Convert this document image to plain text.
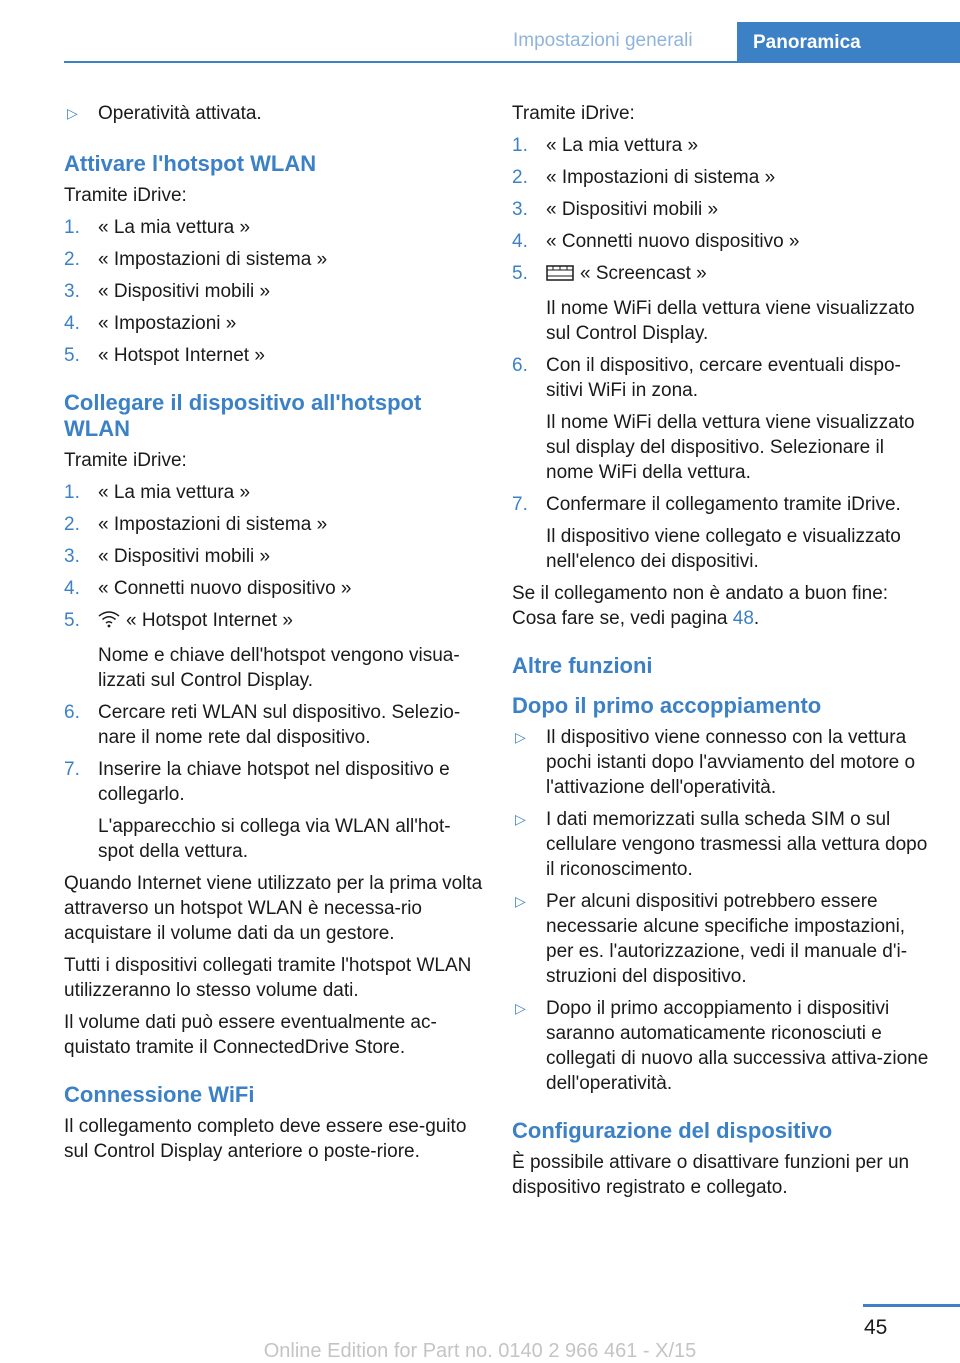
Impostazioni generali	Panoramica
▷ Operatività attivata.
Attivare l'hotspot WLAN
Tramite iDrive:
1. « La mia vettura »
2. « Impostazioni di sistema »
3. « Dispositivi mobili »
4. « Impostazioni »
5. « Hotspot Internet »
Collegare il dispositivo all'hotspot WLAN
Tramite iDrive:
1. « La mia vettura »
2. « Impostazioni di sistema »
3. « Dispositivi mobili »
4. « Connetti nuovo dispositivo »
5. « Hotspot Internet »
Nome e chiave dell'hotspot vengono visua-lizzati sul Control Display.
6. Cercare reti WLAN sul dispositivo. Selezio-nare il nome rete dal dispositivo.
7. Inserire la chiave hotspot nel dispositivo e collegarlo.
L'apparecchio si collega via WLAN all'hot-spot della vettura.
Quando Internet viene utilizzato per la prima volta attraverso un hotspot WLAN è necessa-rio acquistare il volume dati da un gestore.
Tutti i dispositivi collegati tramite l'hotspot WLAN utilizzeranno lo stesso volume dati.
Il volume dati può essere eventualmente ac-quistato tramite il ConnectedDrive Store.
Connessione WiFi
Il collegamento completo deve essere ese-guito sul Control Display anteriore o poste-riore.
Tramite iDrive:
1. « La mia vettura »
2. « Impostazioni di sistema »
3. « Dispositivi mobili »
4. « Connetti nuovo dispositivo »
5.	« Screencast »
Il nome WiFi della vettura viene visualizzato sul Control Display.
6. Con il dispositivo, cercare eventuali dispo-sitivi WiFi in zona.
Il nome WiFi della vettura viene visualizzato sul display del dispositivo. Selezionare il nome WiFi della vettura.
7. Confermare il collegamento tramite iDrive.
Il dispositivo viene collegato e visualizzato nell'elenco dei dispositivi.
Se il collegamento non è andato a buon fine: Cosa fare se, vedi pagina 48.
Altre funzioni
Dopo il primo accoppiamento
▷ Il dispositivo viene connesso con la vettura pochi istanti dopo l'avviamento del motore o l'attivazione dell'operatività.
▷ I dati memorizzati sulla scheda SIM o sul cellulare vengono trasmessi alla vettura dopo il riconoscimento.
▷ Per alcuni dispositivi potrebbero essere necessarie alcune specifiche impostazioni, per es. l'autorizzazione, vedi il manuale d'i-struzioni del dispositivo.
▷ Dopo il primo accoppiamento i dispositivi saranno automaticamente riconosciuti e collegati di nuovo alla successiva attiva-zione dell'operatività.
Configurazione del dispositivo
È possibile attivare o disattivare funzioni per un dispositivo registrato e collegato.
45
Online Edition for Part no. 0140 2 966 461 - X/15
